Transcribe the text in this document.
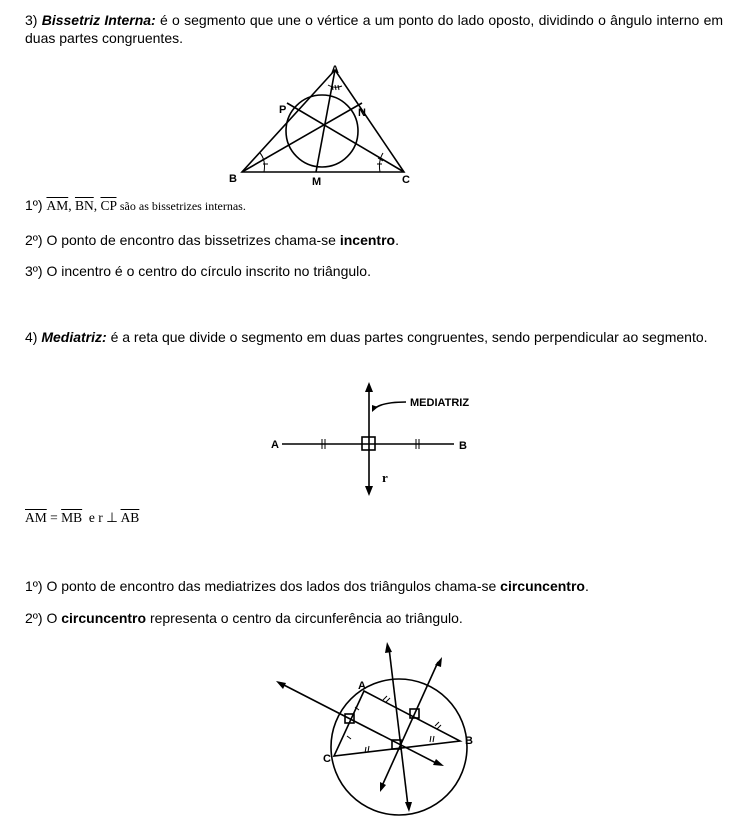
3) Bissetriz Interna: é o segmento que une o vértice a um ponto do lado oposto, dividindo o ângulo interno em duas partes congruentes.

A
B	C
M
N
P

1º) $\overline{AM}$, $\overline{BN}$, $\overline{CP}$ são as bissetrizes internas.

2º) O ponto de encontro das bissetrizes chama-se incentro.

3º) O incentro é o centro do círculo inscrito no triângulo.

4) Mediatriz: é a reta que divide o segmento em duas partes congruentes, sendo perpendicular ao segmento.

MEDIATRIZ
A	B
r

$\overline{AM} = \overline{MB}$ e r ⊥ $\overline{AB}$

1º) O ponto de encontro das mediatrizes dos lados dos triângulos chama-se circuncentro.

2º) O circuncentro representa o centro da circunferência ao triângulo.

A
B
C
